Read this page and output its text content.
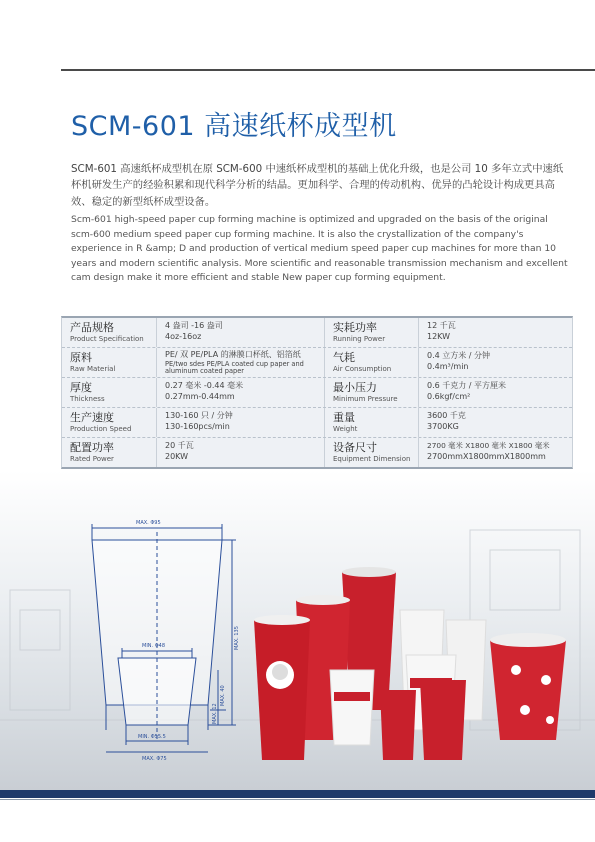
SCM-601 高速纸杯成型机
SCM-601 高速纸杯成型机在原 SCM-600 中速纸杯成型机的基础上优化升级，也是公司 10 多年立式中速纸杯机研发生产的经验积累和现代科学分析的结晶。更加科学、合理的传动机构、优异的凸轮设计构成更具高效、稳定的新型纸杯成型设备。
Scm-601 high-speed paper cup forming machine is optimized and upgraded on the basis of the original scm-600 medium speed paper cup forming machine. It is also the crystallization of the company's experience in R &amp; D and production of vertical medium speed paper cup machines for more than 10 years and modern scientific analysis. More scientific and reasonable transmission mechanism and excellent cam design make it more efficient and stable New paper cup forming equipment.
产品规格
Product Specification
4 盎司 -16 盎司
4oz-16oz
实耗功率
Running Power
12 千瓦
12KW
原料
Raw Material
PE/ 双 PE/PLA 的淋膜口杯纸、铝箔纸
PE/two sdes PE/PLA coated cup paper and aluminum coated paper
气耗
Air Consumption
0.4 立方米 / 分钟
0.4m³/min
厚度
Thickness
0.27 毫米 -0.44 毫米
0.27mm-0.44mm
最小压力
Minimum Pressure
0.6 千克力 / 平方厘米
0.6kgf/cm²
生产速度
Production Speed
130-160 只 / 分钟
130-160pcs/min
重量
Weight
3600 千克
3700KG
配置功率
Rated Power
20 千瓦
20KW
设备尺寸
Equipment Dimension
2700 毫米 X1800 毫米 X1800 毫米
2700mmX1800mmX1800mm
MAX. Φ95
MIN. Φ48
MIN. Φ55.5
MAX. Φ75
MAX. 135
MAX. 40
MAX. 12
